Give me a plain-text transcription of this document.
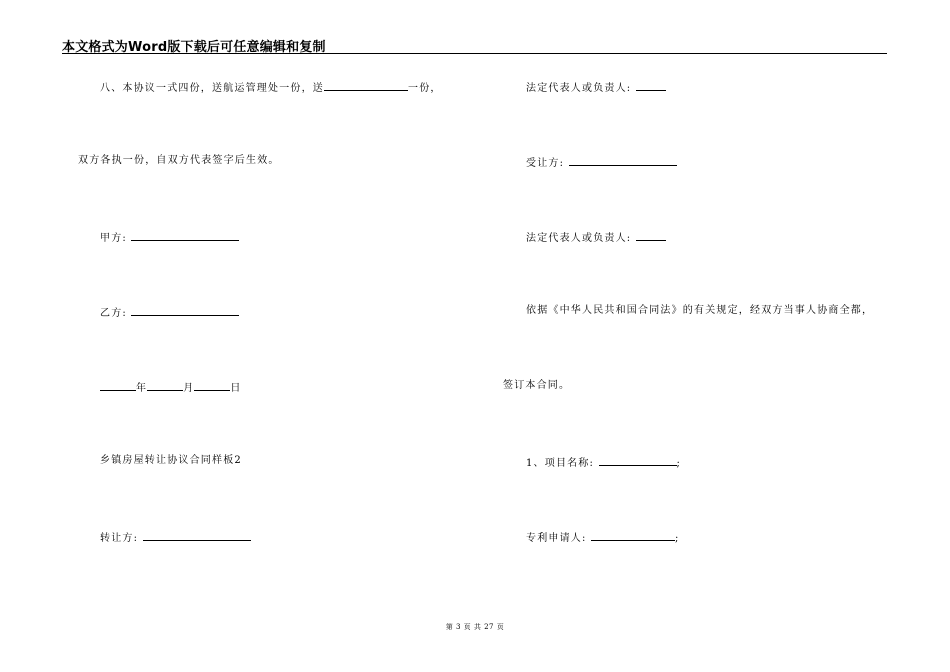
本文格式为Word版下载后可任意编辑和复制
八、本协议一式四份，送航运管理处一份，送	一份，
双方各执一份，自双方代表签字后生效。
甲方:
乙方:
年	月	日
乡镇房屋转让协议合同样板2
转让方:
法定代表人或负责人:
受让方:
法定代表人或负责人:
依据《中华人民共和国合同法》的有关规定，经双方当事人协商全都，
签订本合同。
1、项目名称:	;
专利申请人:	;
第 3 页 共 27 页
